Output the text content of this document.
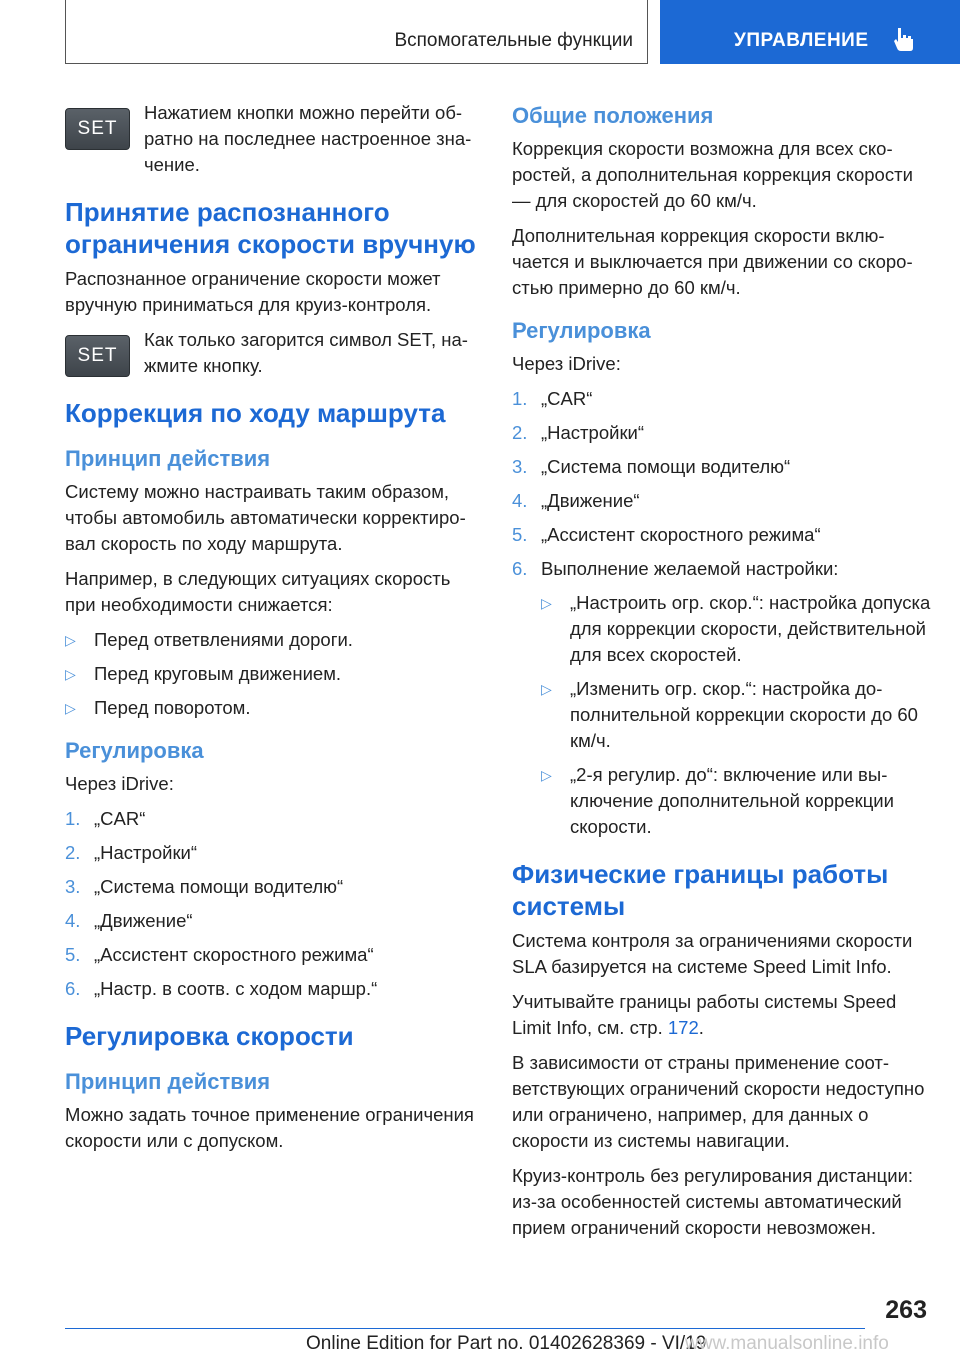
Вспомогательные функции	УПРАВЛЕНИЕ
SET

Нажатием кнопки можно перейти обратно на последнее настроенное значение.

Принятие распознанного ограничения скорости вручную

Распознанное ограничение скорости может вручную приниматься для круиз-контроля.

SET

Как только загорится символ SET, нажмите кнопку.

Коррекция по ходу маршрута
Принцип действия

Систему можно настраивать таким образом, чтобы автомобиль автоматически корректировал скорость по ходу маршрута.

Например, в следующих ситуациях скорость при необходимости снижается:

▷ Перед ответвлениями дороги.
▷ Перед круговым движением.
▷ Перед поворотом.
Регулировка

Через iDrive:

1. „CAR“
2. „Настройки“
3. „Система помощи водителю“
4. „Движение“
5. „Ассистент скоростного режима“
6. „Настр. в соотв. с ходом маршр.“
Регулировка скорости
Принцип действия

Можно задать точное применение ограничения скорости или с допуском.

Общие положения

Коррекция скорости возможна для всех скоростей, а дополнительная коррекция скорости — для скоростей до 60 км/ч.

Дополнительная коррекция скорости включается и выключается при движении со скоростью примерно до 60 км/ч.

Регулировка

Через iDrive:

1. „CAR“
2. „Настройки“
3. „Система помощи водителю“
4. „Движение“
5. „Ассистент скоростного режима“
6. Выполнение желаемой настройки:
▷ „Настроить огр. скор.“: настройка допуска для коррекции скорости, действительной для всех скоростей.
▷ „Изменить огр. скор.“: настройка дополнительной коррекции скорости до 60 км/ч.
▷ „2-я регулир. до“: включение или выключение дополнительной коррекции скорости.
Физические границы работы системы

Система контроля за ограничениями скорости SLA базируется на системе Speed Limit Info.

Учитывайте границы работы системы Speed Limit Info, см. стр. 172.

В зависимости от страны применение соответствующих ограничений скорости недоступно или ограничено, например, для данных о скорости из системы навигации.

Круиз-контроль без регулирования дистанции: из-за особенностей системы автоматический прием ограничений скорости невозможен.

263
Online Edition for Part no. 01402628369 - VI/19
www.manualsonline.info
